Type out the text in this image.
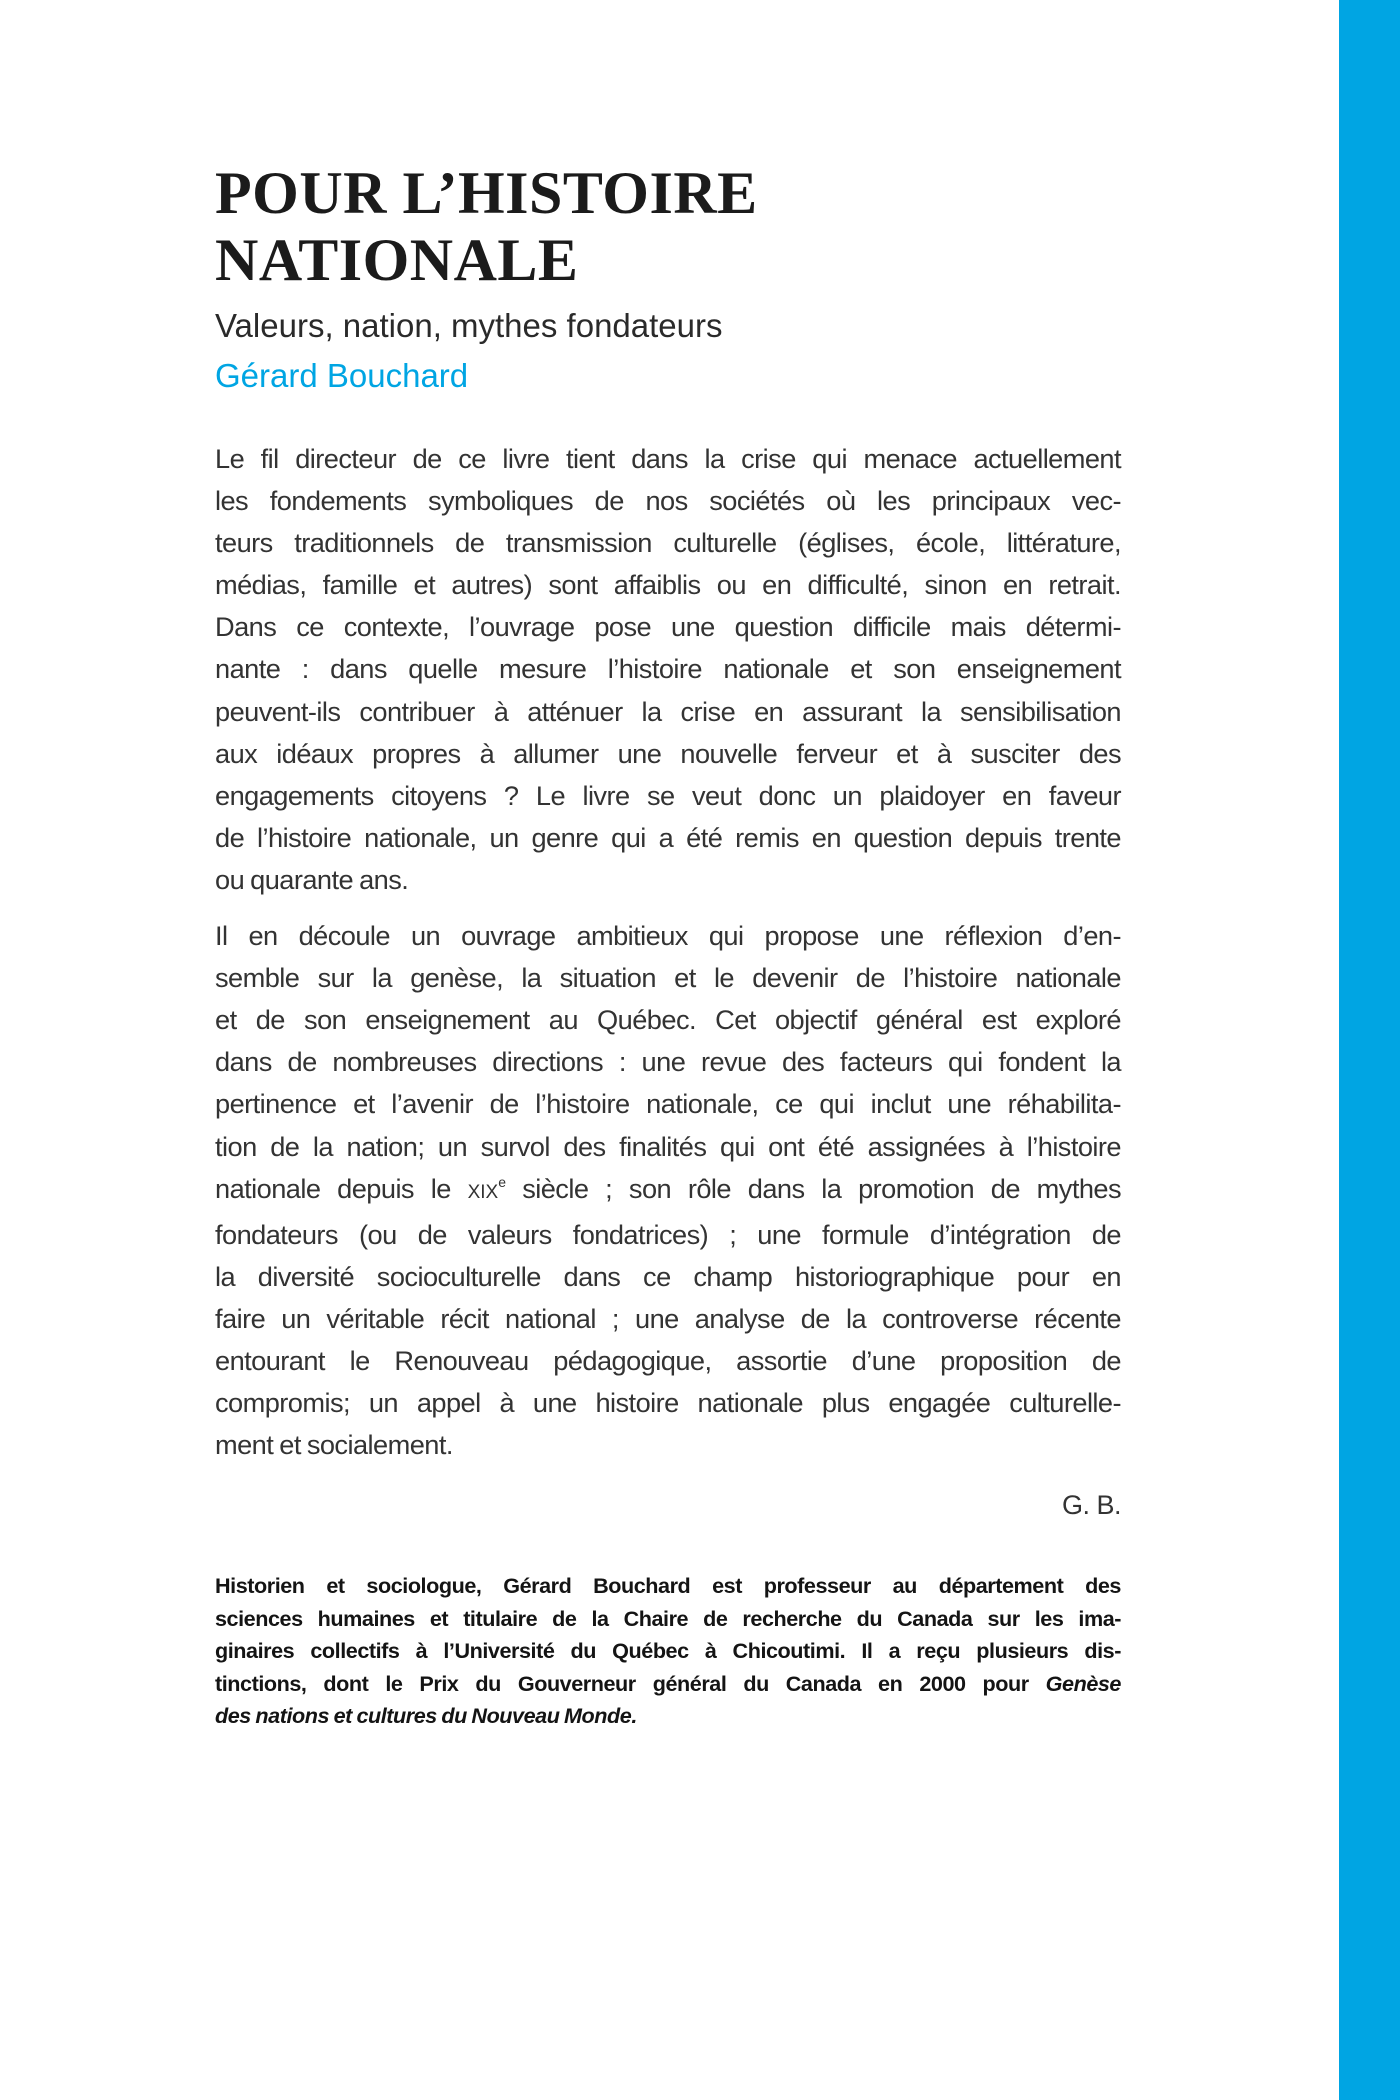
POUR L’HISTOIRE
NATIONALE
Valeurs, nation, mythes fondateurs
Gérard Bouchard

Le fil directeur de ce livre tient dans la crise qui menace actuellement
les fondements symboliques de nos sociétés où les principaux vec-
teurs traditionnels de transmission culturelle (églises, école, littérature,
médias, famille et autres) sont affaiblis ou en difficulté, sinon en retrait.
Dans ce contexte, l’ouvrage pose une question difficile mais détermi-
nante : dans quelle mesure l’histoire nationale et son enseignement
peuvent-ils contribuer à atténuer la crise en assurant la sensibilisation
aux idéaux propres à allumer une nouvelle ferveur et à susciter des
engagements citoyens ? Le livre se veut donc un plaidoyer en faveur
de l’histoire nationale, un genre qui a été remis en question depuis trente
ou quarante ans.

Il en découle un ouvrage ambitieux qui propose une réflexion d’en-
semble sur la genèse, la situation et le devenir de l’histoire nationale
et de son enseignement au Québec. Cet objectif général est exploré
dans de nombreuses directions : une revue des facteurs qui fondent la
pertinence et l’avenir de l’histoire nationale, ce qui inclut une réhabilita-
tion de la nation; un survol des finalités qui ont été assignées à l’histoire
nationale depuis le XIXe siècle ; son rôle dans la promotion de mythes
fondateurs (ou de valeurs fondatrices) ; une formule d’intégration de
la diversité socioculturelle dans ce champ historiographique pour en
faire un véritable récit national ; une analyse de la controverse récente
entourant le Renouveau pédagogique, assortie d’une proposition de
compromis; un appel à une histoire nationale plus engagée culturelle-
ment et socialement.

G. B.
Historien et sociologue, Gérard Bouchard est professeur au département des
sciences humaines et titulaire de la Chaire de recherche du Canada sur les ima-
ginaires collectifs à l’Université du Québec à Chicoutimi. Il a reçu plusieurs dis-
tinctions, dont le Prix du Gouverneur général du Canada en 2000 pour Genèse
des nations et cultures du Nouveau Monde.
